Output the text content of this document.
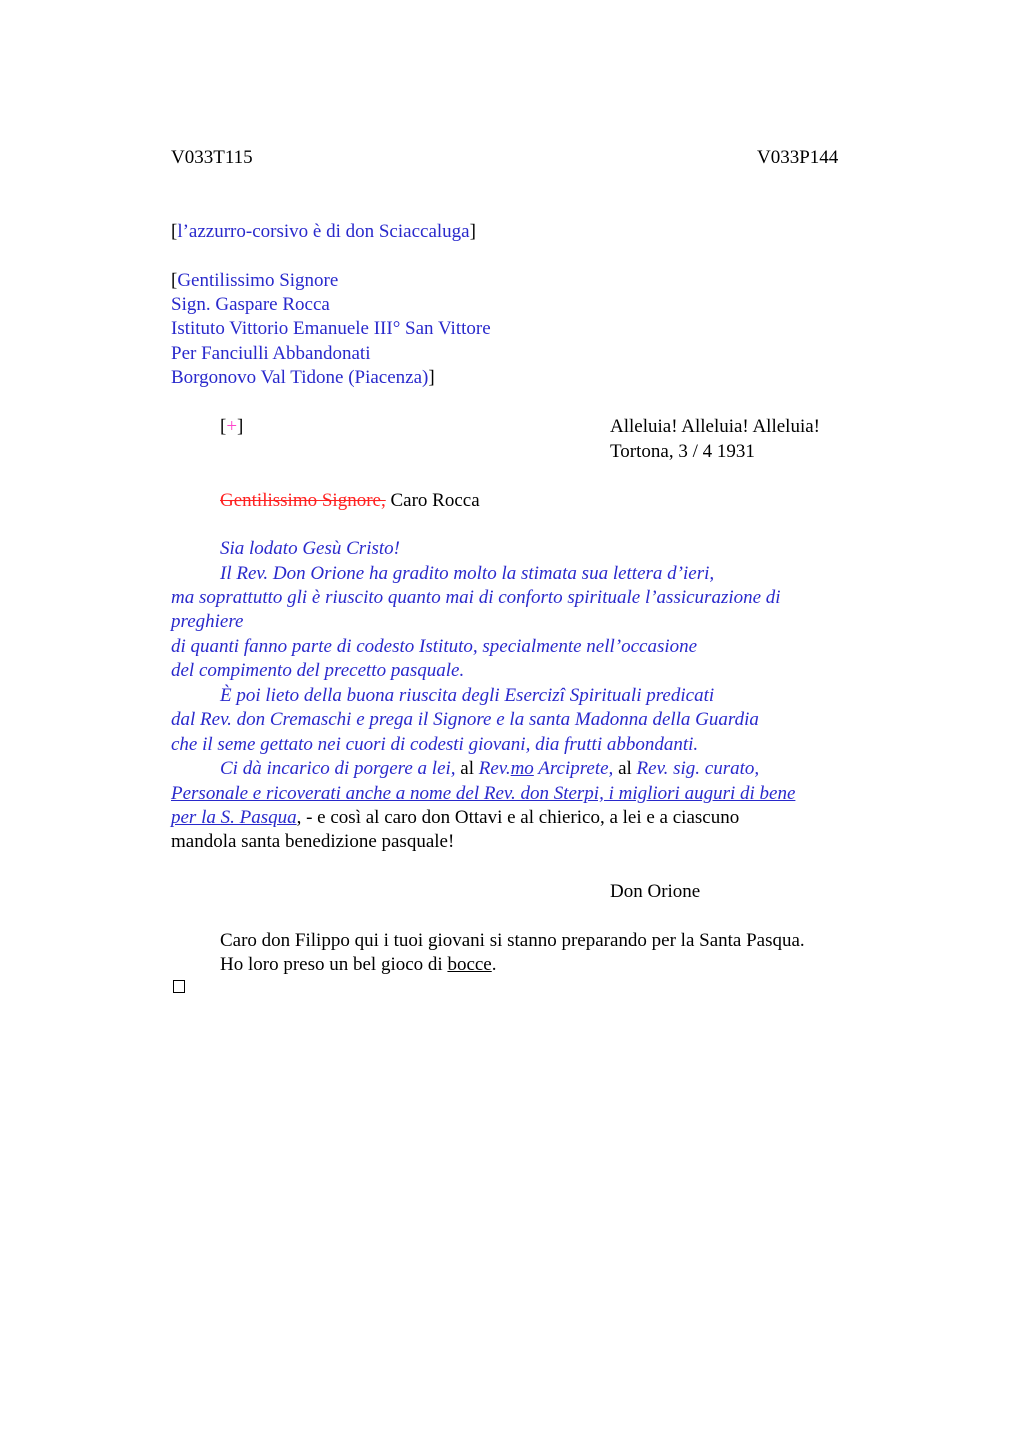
V033T115	V033P144
[l’azzurro-corsivo è di don Sciaccaluga]
[Gentilissimo Signore
Sign. Gaspare Rocca
Istituto Vittorio Emanuele III° San Vittore
Per Fanciulli Abbandonati
Borgonovo Val Tidone (Piacenza)]
[+]	Alleluia! Alleluia! Alleluia!
Tortona, 3 / 4 1931
Gentilissimo Signore, Caro Rocca
Sia lodato Gesù Cristo!
Il Rev. Don Orione ha gradito molto la stimata sua lettera d’ieri,
ma soprattutto gli è riuscito quanto mai di conforto spirituale l’assicurazione di
preghiere
di quanti fanno parte di codesto Istituto, specialmente nell’occasione
del compimento del precetto pasquale.
È poi lieto della buona riuscita degli Esercizî Spirituali predicati
dal Rev. don Cremaschi e prega il Signore e la santa Madonna della Guardia
che il seme gettato nei cuori di codesti giovani, dia frutti abbondanti.
Ci dà incarico di porgere a lei, al Rev.mo Arciprete, al Rev. sig. curato,
Personale e ricoverati anche a nome del Rev. don Sterpi, i migliori auguri di bene
per la S. Pasqua, - e così al caro don Ottavi e al chierico, a lei e a ciascuno
mandola santa benedizione pasquale!
Don Orione
Caro don Filippo qui i tuoi giovani si stanno preparando per la Santa Pasqua.
Ho loro preso un bel gioco di bocce.
